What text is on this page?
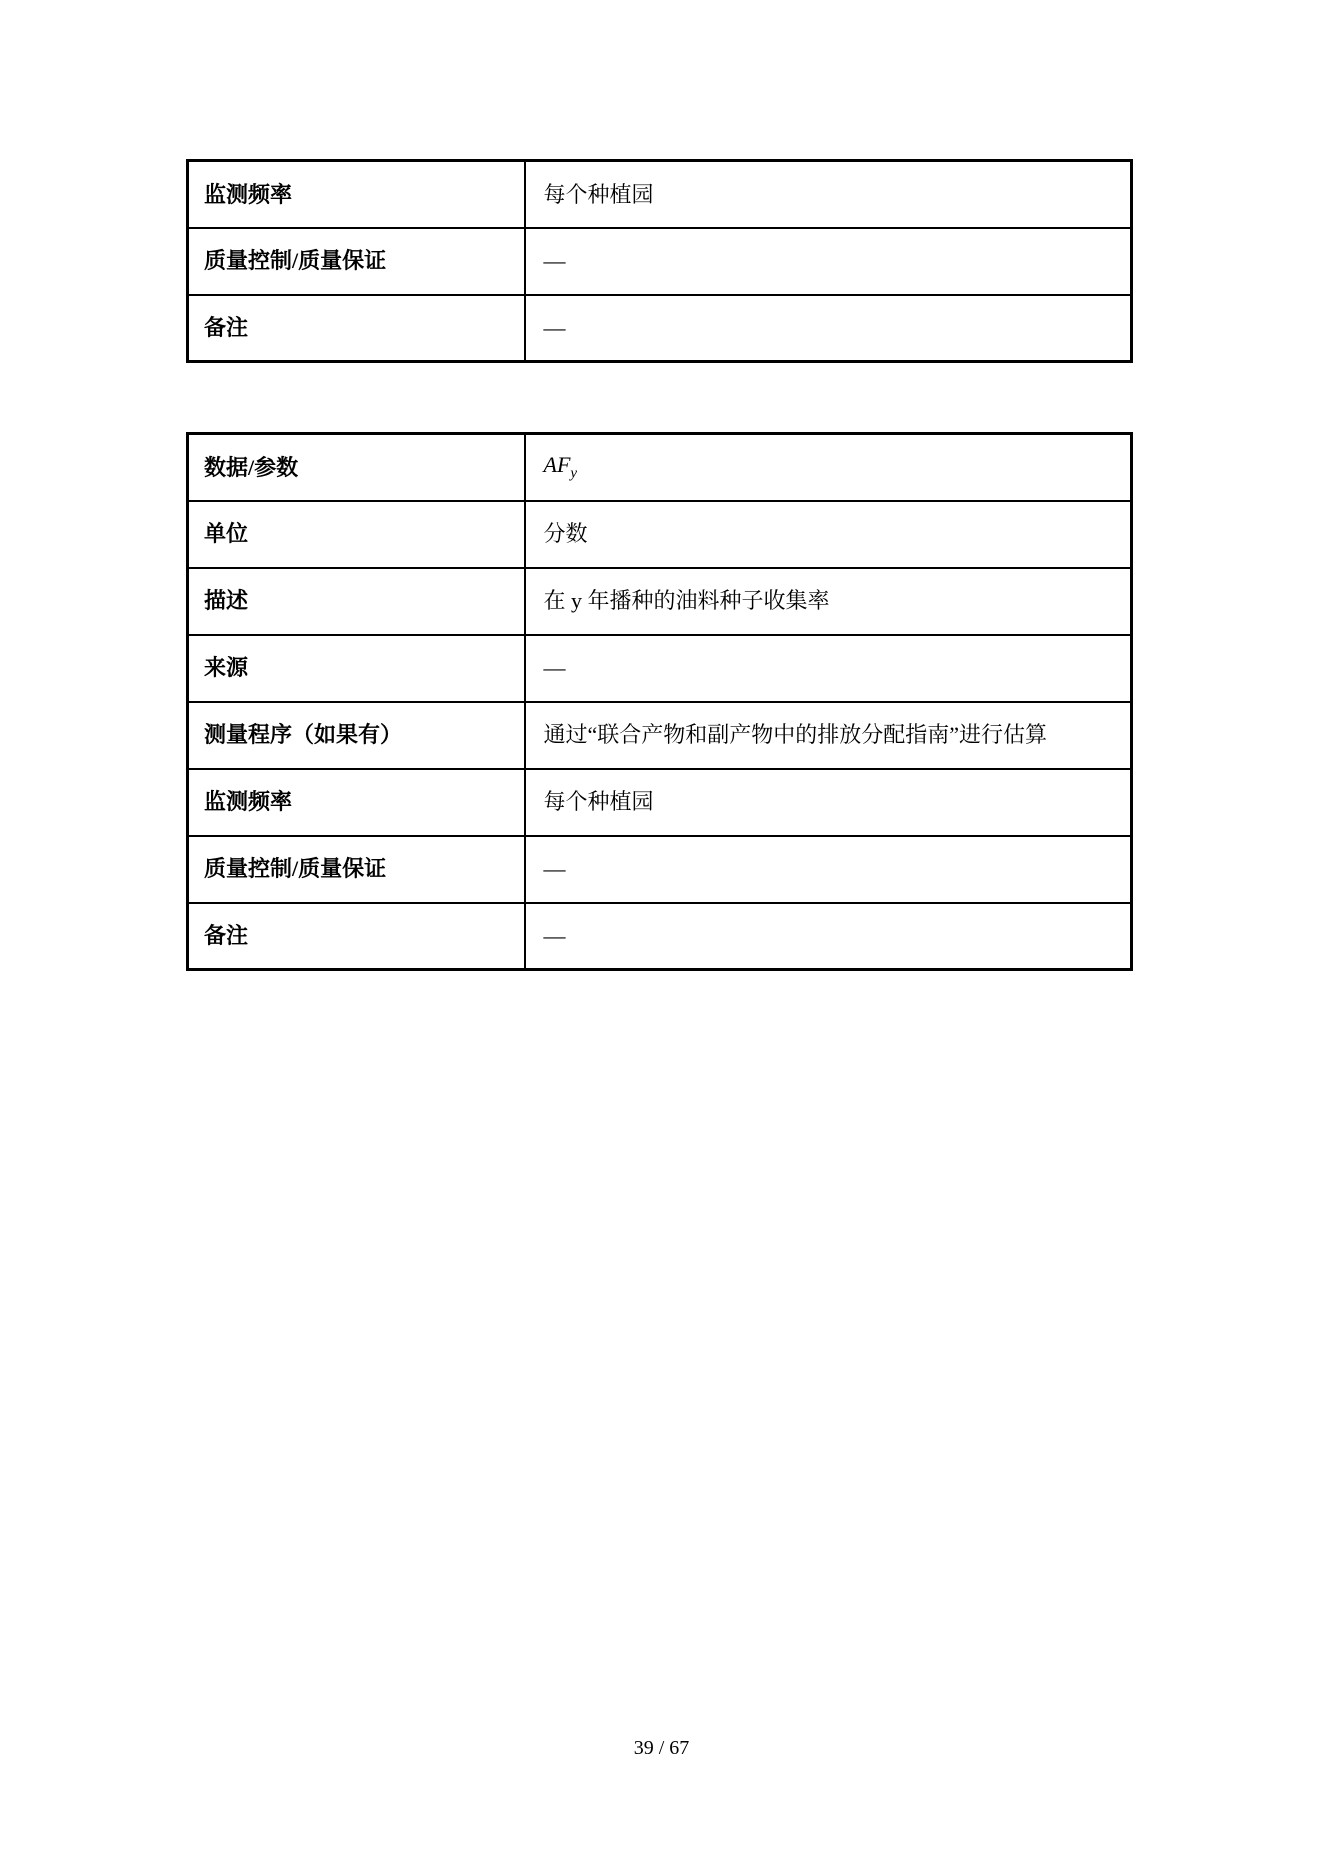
监测频率	每个种植园
质量控制/质量保证	—
备注	—
数据/参数	$AF_y$
单位	分数
描述	在 y 年播种的油料种子收集率
来源	—
测量程序（如果有）	通过“联合产物和副产物中的排放分配指南”进行估算
监测频率	每个种植园
质量控制/质量保证	—
备注	—
39 / 67
